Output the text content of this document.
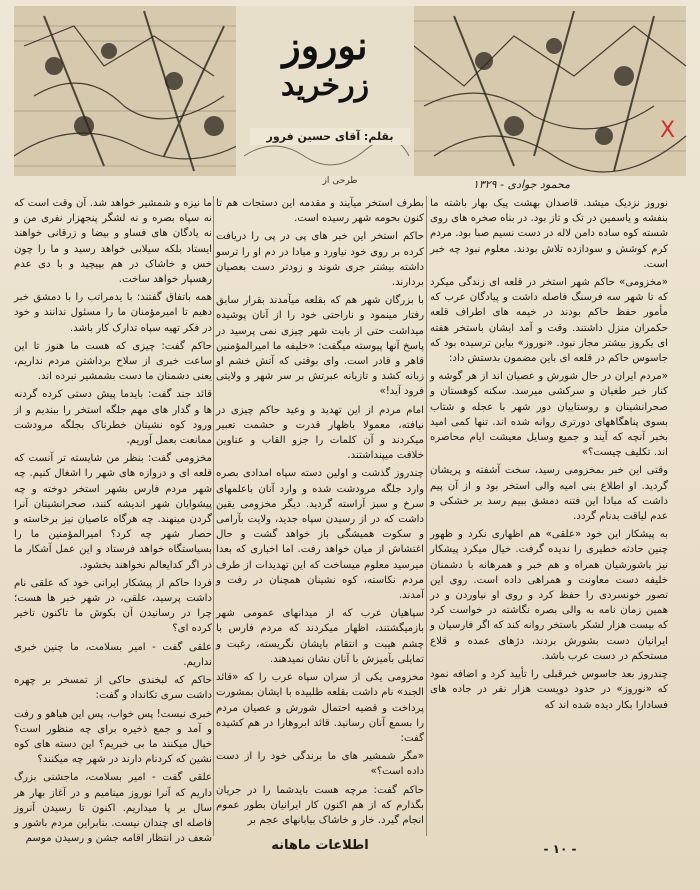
نوروز
زرخرید
بقلم: آقای حسین فرور
طرحی از	محمود جوادی - ۱۳۲۹
X

نوروز نزدیک میشد. قاصدان بهشت پیک بهار باشته ما بنفشه و یاسمین در تک و تاز بود. در بناه صخره های روی شسته کوه ساده دامن لاله در دست نسیم صبا بود. مردم کرم کوشش و سودازده تلاش بودند. معلوم نبود چه خبر است.

«مخزومی» حاکم شهر استخر در قلعه ای زندگی میکرد که تا شهر سه فرسنگ فاصله داشت و پیادگان عرب که مأمور حفظ حاکم بودند در خیمه های اطراف قلعه حکمران منزل داشتند. وقت و آمد ایشان باستخر هفته ای یکروز بیشتر مجاز نبود. «نوروز» بیاین ترسیده بود که جاسوس حاکم در قلعه ای باین مضمون بدستش داد:

«مردم ایران در حال شورش و عصیان اند از هر گوشه و کنار خبر طغیان و سرکشی میرسد. سکنه کوهستان و صحرانشینان و روستاییان دور شهر با عجله و شتاب بسوی پناهگاههای دورتری روانه شده اند. تنها کمی امید بخبر آنچه که آیند و جمیع وسایل معیشت ایام محاصره اند. تکلیف چیست؟»

وقتی این خبر بمخزومی رسید، سخت آشفته و پریشان گردید. او اطلاع بنی امیه والی استخر بود و از آن پیم داشت که مبادا این فتنه دمشق ببیم رسد بر خشکی و عدم لیاقت بدنام گردد.

به پیشکار این خود «علقی» هم اظهاری نکرد و ظهور چنین حادثه خطیری را ندیده گرفت. خیال میکرد پیشکار نیز باشورشیان همراه و هم خبر و همرهانه با دشمنان خلیفه دست معاونت و همراهی داده است. روی این تصور خونسردی را حفظ کرد و روی او نیاوردن و در همین زمان نامه به والی بصره نگاشته در خواست کرد که بیست هزار لشکر باستخر روانه کند که اگر فارسیان و ایرانیان دست بشورش بردند، دژهای عمده و قلاع مستحکم در دست عرب باشد.

چندروز بعد جاسوس خبرقبلی را تأیید کرد و اضافه نمود که «نوروز» در حدود دویست هزار نفر در جاده های فسادارا بکار دیده شده اند که

بطرف استخر میآیند و مقدمه این دستجات هم تا کنون بحومه شهر رسیده است.

حاکم استخر این خبر های پی در پی را دریافت کرده بر روی خود نیاورد و مبادا در دم او را ترسو داشته بیشتر جری شوند و زودتر دست بعصیان بردارند.

با بزرگان شهر هم که بقلعه میآمدند بقرار سابق رفتار مینمود و ناراحتی خود را از آنان پوشیده میداشت حتی از بابت شهر چیزی نمی پرسید در پاسخ آنها پیوسته میگفت: «خلیفه ما امیرالمؤمنین قاهر و قادر است. وای بوقتی که آتش خشم او زبانه کشد و تازیانه عبرتش بر سر شهر و ولایتی فرود آید!»

امام مردم از این تهدید و وعید حاکم چیزی در نیافته، معمولا باظهار قدرت و حشمت تعبیر میکردند و آن کلمات را جزو القاب و عناوین خلافت میپنداشتند.

چندروز گذشت و اولین دسته سپاه امدادی بصره وارد جلگه مرودشت شده و وارد آنان باعلمهای سرخ و سبز آراسته گردید. دیگر مخزومی یقین داشت که در از رسیدن سپاه جدید، ولایت بآرامی و سکوت همیشگی باز خواهد گشت و حال اغتشاش از میان خواهد رفت. اما اخباری که بعدا میرسید معلوم میساخت که این تهدیدات از طرف مردم نکاسته، کوه نشینان همچنان در رفت و آمدند.

سپاهیان عرب که از میدانهای عمومی شهر بازمیگشتند، اظهار میکردند که مردم فارس با چشم هیبت و انتقام بایشان نگریسته، رغبت و تمایلی بآمیزش با آنان نشان نمیدهند.

مخزومی یکی از سران سپاه عرب را که «قائد الجند» نام داشت بقلعه طلبیده با ایشان بمشورت پرداخت و قضیه احتمال شورش و عصیان مردم را بسمع آنان رسانید. قائد ابروهارا در هم کشیده گفت:

«مگر شمشیر های ما برندگی خود را از دست داده است؟»

حاکم گفت: مرچه هست بایدشما را در جریان بگذارم که از هم اکنون کار ایرانیان بطور عموم انجام گیرد. خار و خاشاک بیابانهای عجم بر

ما نیزه و شمشیر خواهد شد. آن وقت است که نه سپاه بصره و نه لشگر پنجهزار نفری من و نه یادگان های فساو و بیضا و زرقانی خواهند ایستاد بلکه سیلابی خواهد رسید و ما را چون خس و خاشاک در هم بپیچید و با دی عدم رهسپار خواهد ساخت.

همه باتفاق گفتند: با یدمراتب را با دمشق خبر دهیم تا امیرمؤمنان ما را مسئول ندانند و خود در فکر تهیه سپاه تدارک کار باشد.

حاکم گفت: چیزی که هست ما هنوز تا این ساعت خبری از سلاح برداشتن مردم نداریم، یعنی دشمنان ما دست بشمشیر نبرده اند.

قائد جند گفت: بایدما پیش دستی کرده گردنه ها و گدار های مهم جلگه استخر را ببندیم و از ورود کوه نشینان خطرناک بجلگه مرودشت ممانعت بعمل آوریم.

مخزومی گفت: بنظر من شایسته تر آنست که قلعه ای و دروازه های شهر را اشغال کنیم. چه شهر مردم فارس بشهر استخر دوخته و چه پیشوایان شهر اندیشه کنند، صحرانشینان آنرا گردن مینهند. چه هرگاه عاصیان نیز برخاسته و حصار شهر چه کرد؟ امیرالمؤمنین ما را بسیاستگاه خواهد فرستاد و این عمل آشکار ما در اگر کدایعالم نخواهند بخشود.

فردا حاکم از پیشکار ایرانی خود که علقی نام داشت پرسید، علقی، در شهر خبر ها هست؛ چرا در رسانیدن آن بکوش ما تاکنون تاخیر کرده ای؟

علقی گفت - امیر بسلامت، ما چنین خبری نداریم.

حاکم که لبخندی حاکی از تمسخر بر چهره داشت سری تکانداد و گفت:

خبری نیست! پس خواب، پس این هیاهو و رفت و آمد و جمع ذخیره برای چه منظور است؟ خیال میکنند ما بی خبریم؟ این دسته های کوه نشین که کردنام دارند در شهر چه میکنند؟

علقی گفت - امیر بسلامت، ماجشنی بزرگ داریم که آنرا نوروز مینامیم و در آغاز بهار هر سال بر پا میداریم. اکنون تا رسیدن آنروز فاصله ای چندان نیست. بنابراین مردم باشور و شعف در انتظار اقامه جشن و رسیدن موسم	اطلاعات ماهانه	- ۱۰ -
